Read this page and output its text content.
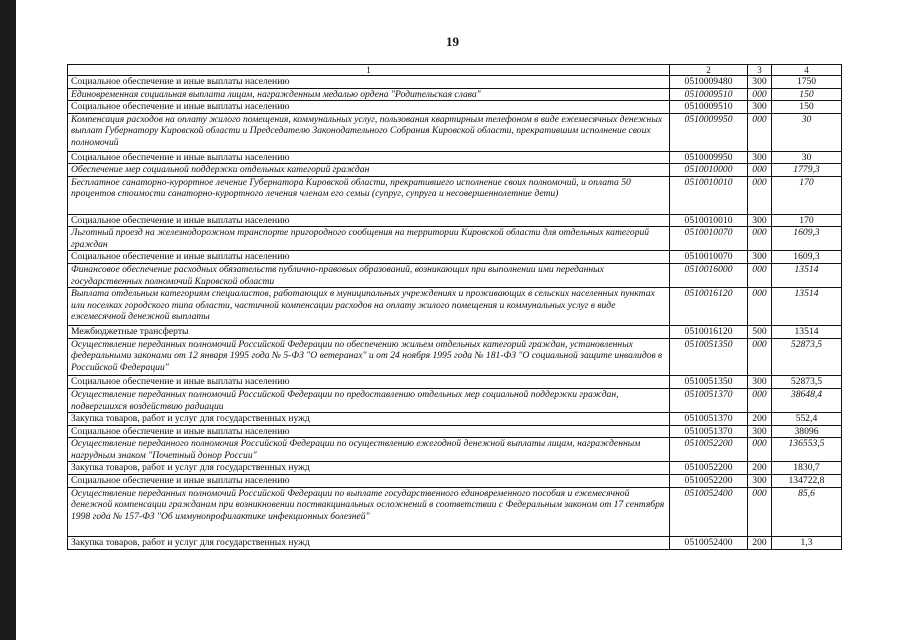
19
1	2	3	4
Социальное обеспечение и иные выплаты населению	0510009480	300	1750
Единовременная социальная выплата лицам, награжденным медалью ордена "Родительская слава"	0510009510	000	150
Социальное обеспечение и иные выплаты населению	0510009510	300	150
Компенсация расходов на оплату жилого помещения, коммунальных услуг, пользования квартирным телефоном в виде ежемесячных денежных выплат Губернатору Кировской области и Председателю Законодательного Собрания Кировской области, прекратившим исполнение своих полномочий	0510009950	000	30
Социальное обеспечение и иные выплаты населению	0510009950	300	30
Обеспечение мер социальной поддержки отдельных категорий граждан	0510010000	000	1779,3
Бесплатное санаторно-курортное лечение Губернатора Кировской области, прекратившего исполнение своих полномочий, и оплата 50 процентов стоимости санаторно-курортного лечения членам его семьи (супруг, супруга и несовершеннолетние дети)	0510010010	000	170
Социальное обеспечение и иные выплаты населению	0510010010	300	170
Льготный проезд на железнодорожном транспорте пригородного сообщения на территории Кировской области для отдельных категорий граждан	0510010070	000	1609,3
Социальное обеспечение и иные выплаты населению	0510010070	300	1609,3
Финансовое обеспечение расходных обязательств публично-правовых образований, возникающих при выполнении ими переданных государственных полномочий Кировской области	0510016000	000	13514
Выплата отдельным категориям специалистов, работающих в муниципальных учреждениях и проживающих в сельских населенных пунктах или поселках городского типа области, частичной компенсации расходов на оплату жилого помещения и коммунальных услуг в виде ежемесячной денежной выплаты	0510016120	000	13514
Межбюджетные трансферты	0510016120	500	13514
Осуществление переданных полномочий Российской Федерации по обеспечению жильем отдельных категорий граждан, установленных федеральными законами от 12 января 1995 года № 5-ФЗ "О ветеранах" и от 24 ноября 1995 года № 181-ФЗ "О социальной защите инвалидов в Российской Федерации"	0510051350	000	52873,5
Социальное обеспечение и иные выплаты населению	0510051350	300	52873,5
Осуществление переданных полномочий Российской Федерации по предоставлению отдельных мер социальной поддержки граждан, подвергшихся воздействию радиации	0510051370	000	38648,4
Закупка товаров, работ и услуг для государственных нужд	0510051370	200	552,4
Социальное обеспечение и иные выплаты населению	0510051370	300	38096
Осуществление переданного полномочия Российской Федерации по осуществлению ежегодной денежной выплаты лицам, награжденным нагрудным знаком "Почетный донор России"	0510052200	000	136553,5
Закупка товаров, работ и услуг для государственных нужд	0510052200	200	1830,7
Социальное обеспечение и иные выплаты населению	0510052200	300	134722,8
Осуществление переданных полномочий Российской Федерации по выплате государственного единовременного пособия и ежемесячной денежной компенсации гражданам при возникновении поствакцинальных осложнений в соответствии с Федеральным законом от 17 сентября 1998 года № 157-ФЗ "Об иммунопрофилактике инфекционных болезней"	0510052400	000	85,6
Закупка товаров, работ и услуг для государственных нужд	0510052400	200	1,3
